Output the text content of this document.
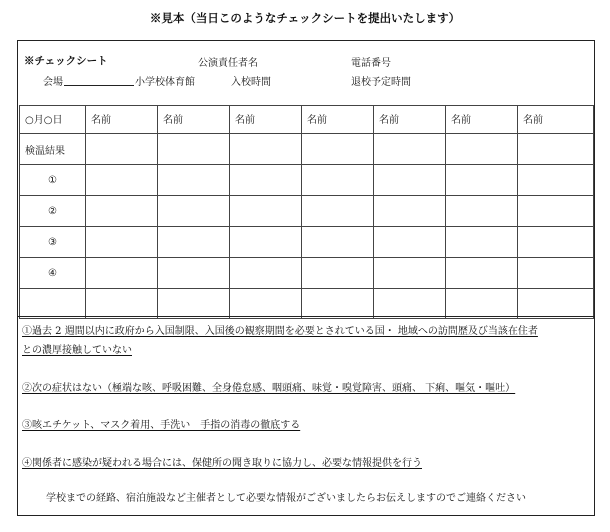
※見本（当日このようなチェックシートを提出いたします）
※チェックシート	公演責任者名	電話番号
会場	小学校体育館	入校時間	退校予定時間
○月○日	名前	名前	名前	名前	名前	名前	名前
検温結果							
①							
②							
③							
④							

①過去 2 週間以内に政府から入国制限、入国後の観察期間を必要とされている国・ 地域への訪問歴及び当該在住者
との濃厚接触していない
②次の症状はない（極端な咳、呼吸困難、全身倦怠感、咽頭痛、味覚・嗅覚障害、頭痛、 下痢、嘔気・嘔吐）
③咳エチケット、マスク着用、手洗い　手指の消毒の徹底する
④関係者に感染が疑われる場合には、保健所の聞き取りに協力し、必要な情報提供を行う
学校までの経路、宿泊施設など主催者として必要な情報がございましたらお伝えしますのでご連絡ください
